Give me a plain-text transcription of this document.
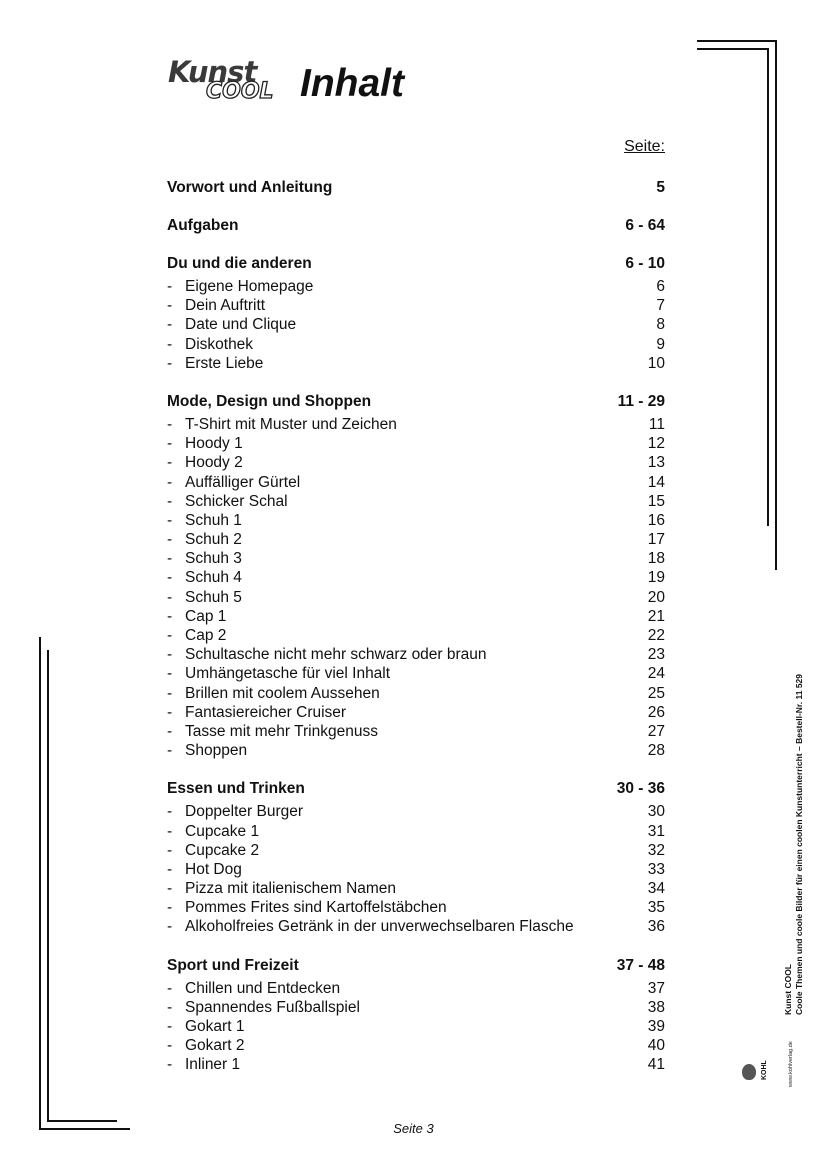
Kunst
COOL Inhalt
Seite:
Vorwort und Anleitung	5
Aufgaben	6 - 64
Du und die anderen	6 - 10
- Eigene Homepage	6
- Dein Auftritt	7
- Date und Clique	8
- Diskothek	9
- Erste Liebe	10
Mode, Design und Shoppen	11 - 29
- T-Shirt mit Muster und Zeichen	11
- Hoody 1	12
- Hoody 2	13
- Auffälliger Gürtel	14
- Schicker Schal	15
- Schuh 1	16
- Schuh 2	17
- Schuh 3	18
- Schuh 4	19
- Schuh 5	20
- Cap 1	21
- Cap 2	22
- Schultasche nicht mehr schwarz oder braun	23
- Umhängetasche für viel Inhalt	24
- Brillen mit coolem Aussehen	25
- Fantasiereicher Cruiser	26
- Tasse mit mehr Trinkgenuss	27
- Shoppen	28
Essen und Trinken	30 - 36
- Doppelter Burger	30
- Cupcake 1	31
- Cupcake 2	32
- Hot Dog	33
- Pizza mit italienischem Namen	34
- Pommes Frites sind Kartoffelstäbchen	35
- Alkoholfreies Getränk in der unverwechselbaren Flasche	36
Sport und Freizeit	37 - 48
- Chillen und Entdecken	37
- Spannendes Fußballspiel	38
- Gokart 1	39
- Gokart 2	40
- Inliner 1	41
Seite 3
Kunst COOL Coole Themen und coole Bilder für einen coolen Kunstunterricht – Bestell-Nr. 11 529
www.kohlverlag.de
KOHL
